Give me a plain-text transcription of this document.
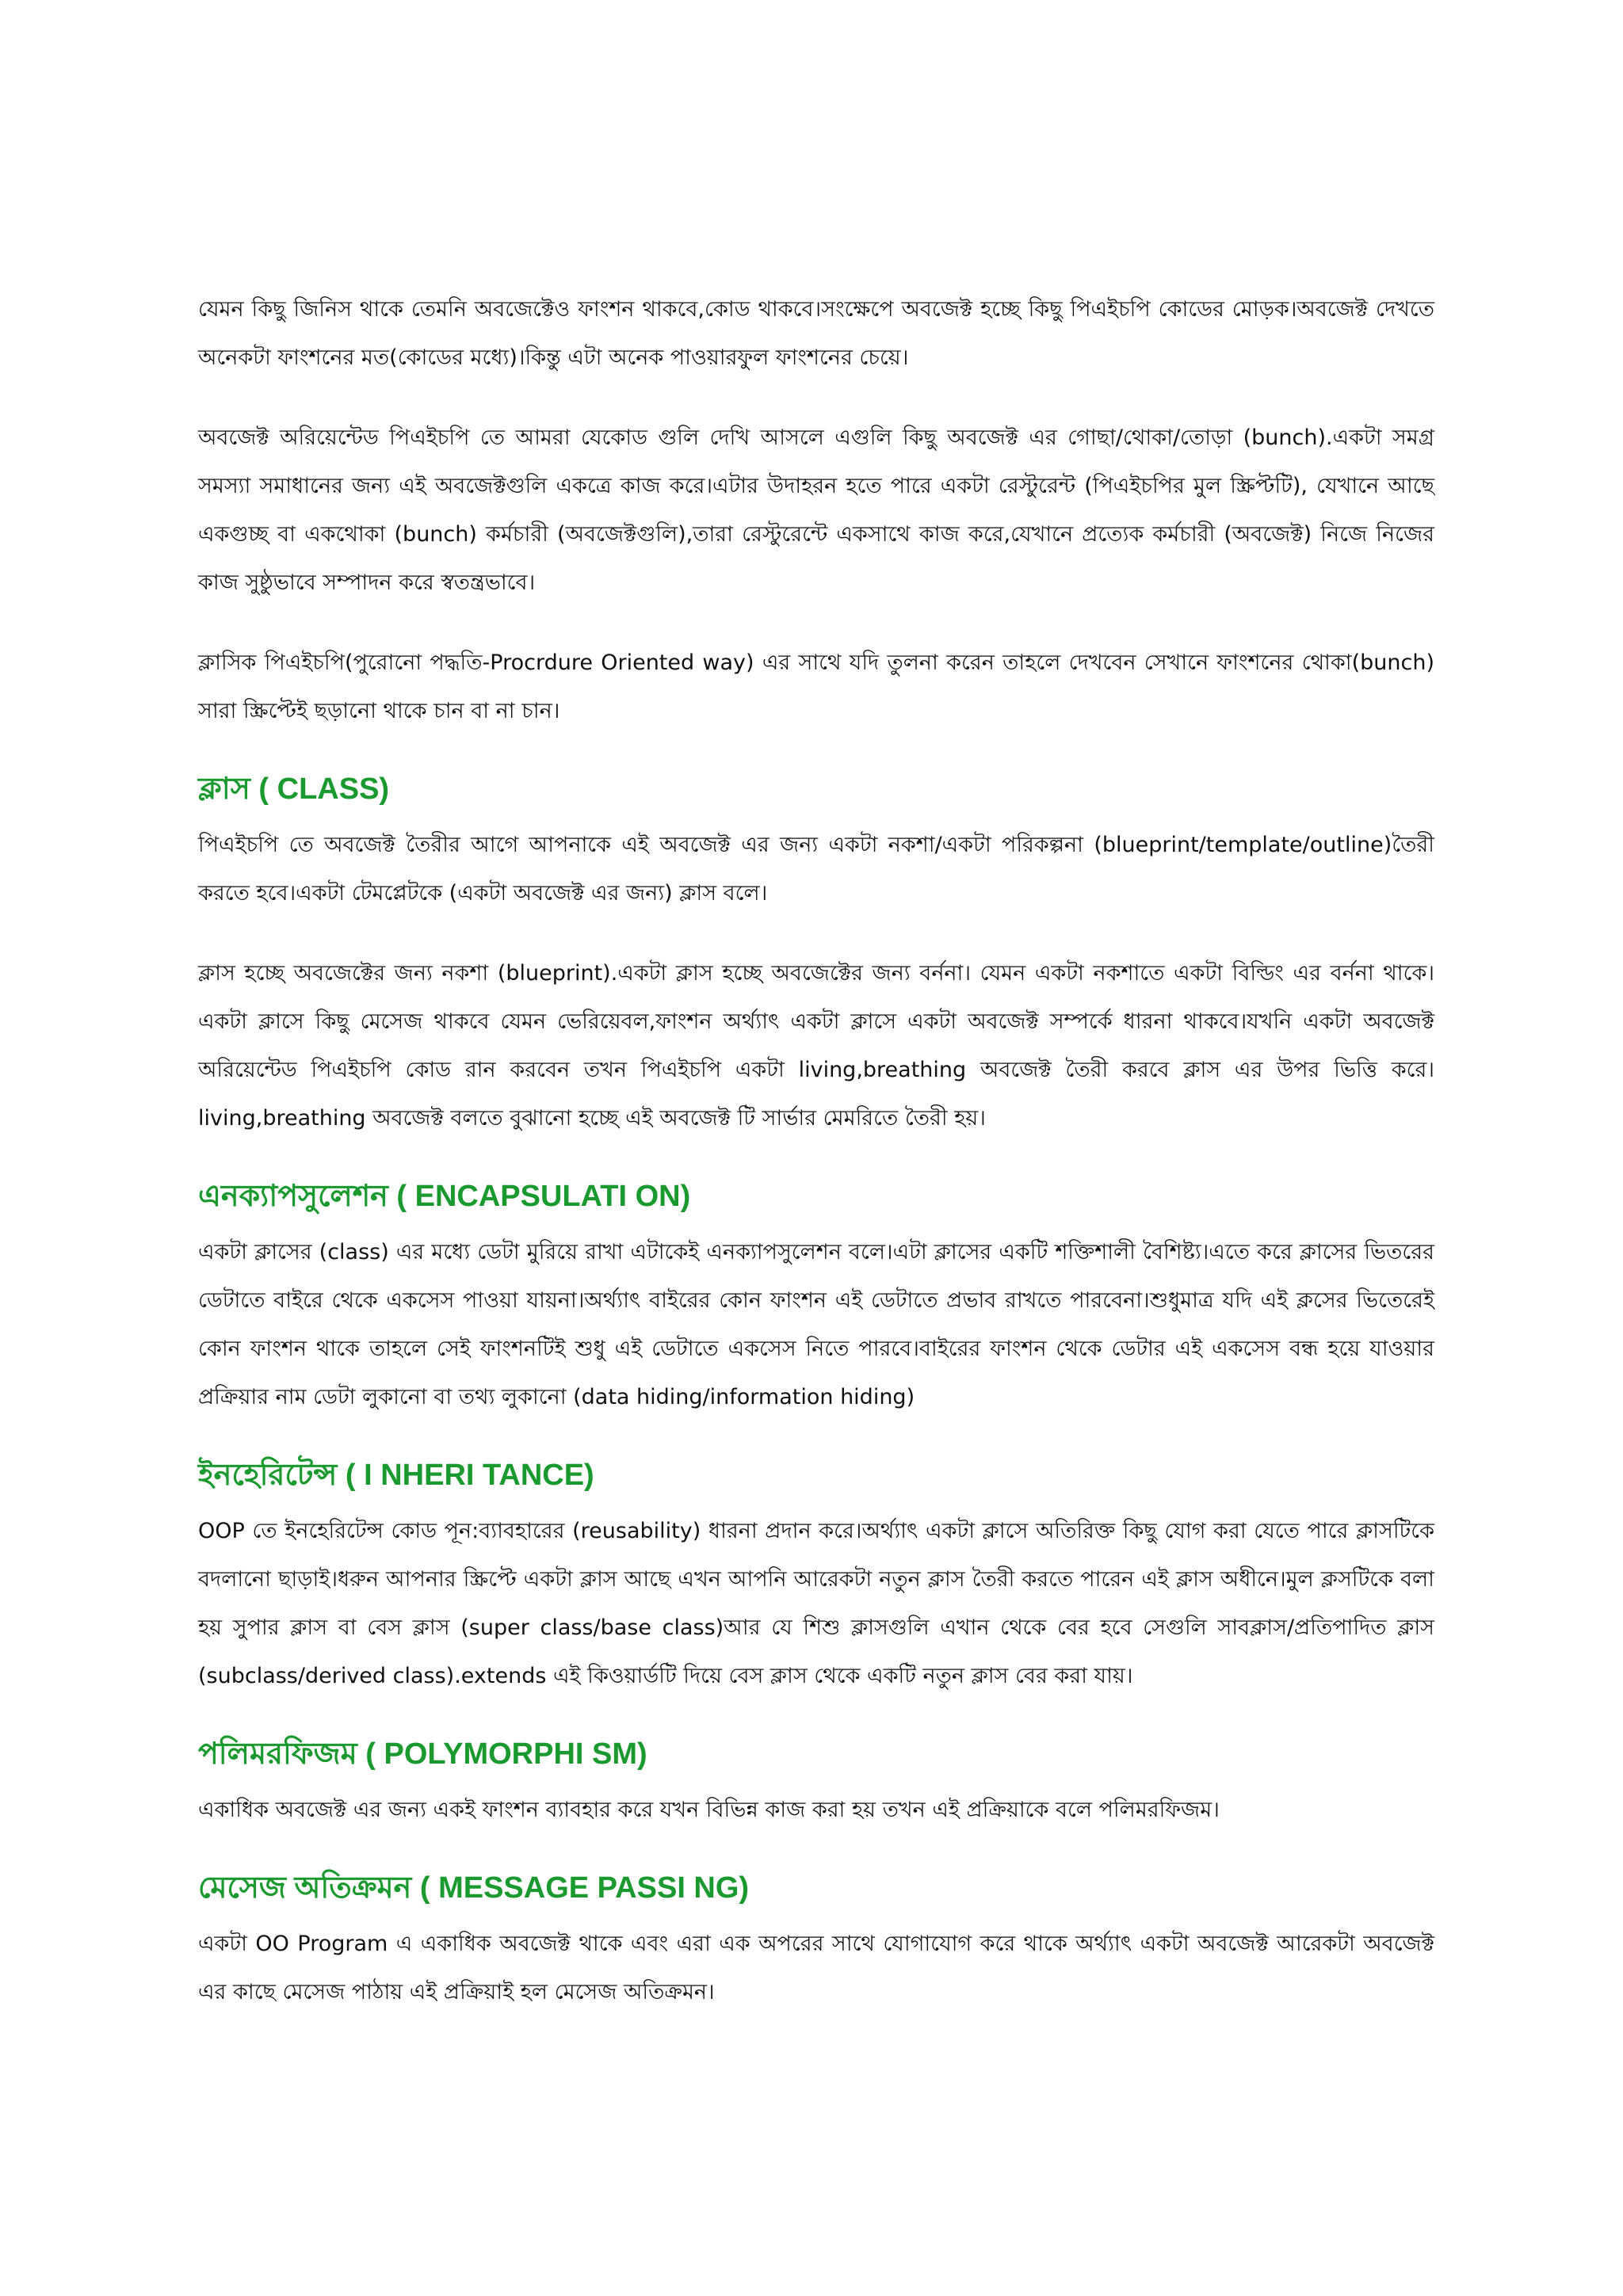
যেমন কিছু জিনিস থাকে তেমনি অবজেক্টেও ফাংশন থাকবে,কোড থাকবে।সংক্ষেপে অবজেক্ট হচ্ছে কিছু পিএইচপি কোডের মোড়ক।অবজেক্ট দেখতে অনেকটা ফাংশনের মত(কোডের মধ্যে)।কিন্তু এটা অনেক পাওয়ারফুল ফাংশনের চেয়ে।

অবজেক্ট অরিয়েন্টেড পিএইচপি তে আমরা যেকোড গুলি দেখি আসলে এগুলি কিছু অবজেক্ট এর গোছা/থোকা/তোড়া (bunch).একটা সমগ্র সমস্যা সমাধানের জন্য এই অবজেক্টগুলি একত্রে কাজ করে।এটার উদাহরন হতে পারে একটা রেস্টুরেন্ট (পিএইচপির মুল স্ক্রিপ্টটি), যেখানে আছে একগুচ্ছ বা একথোকা (bunch) কর্মচারী (অবজেক্টগুলি),তারা রেস্টুরেন্টে একসাথে কাজ করে,যেখানে প্রত্যেক কর্মচারী (অবজেক্ট) নিজে নিজের কাজ সুষ্ঠুভাবে সম্পাদন করে স্বতন্ত্রভাবে।

ক্লাসিক পিএইচপি(পুরোনো পদ্ধতি-Procrdure Oriented way) এর সাথে যদি তুলনা করেন তাহলে দেখবেন সেখানে ফাংশনের থোকা(bunch) সারা স্ক্রিপ্টেই ছড়ানো থাকে চান বা না চান।

ক্লাস ( CLASS)

পিএইচপি তে অবজেক্ট তৈরীর আগে আপনাকে এই অবজেক্ট এর জন্য একটা নকশা/একটা পরিকল্পনা (blueprint/template/outline)তৈরী করতে হবে।একটা টেমপ্লেটকে (একটা অবজেক্ট এর জন্য) ক্লাস বলে।

ক্লাস হচ্ছে অবজেক্টের জন্য নকশা (blueprint).একটা ক্লাস হচ্ছে অবজেক্টের জন্য বর্ননা। যেমন একটা নকশাতে একটা বিল্ডিং এর বর্ননা থাকে।একটা ক্লাসে কিছু মেসেজ থাকবে যেমন ভেরিয়েবল,ফাংশন অর্থ্যাৎ একটা ক্লাসে একটা অবজেক্ট সম্পর্কে ধারনা থাকবে।যখনি একটা অবজেক্ট অরিয়েন্টেড পিএইচপি কোড রান করবেন তখন পিএইচপি একটা living,breathing অবজেক্ট তৈরী করবে ক্লাস এর উপর ভিত্তি করে।living,breathing অবজেক্ট বলতে বুঝানো হচ্ছে এই অবজেক্ট টি সার্ভার মেমরিতে তৈরী হয়।

এনক্যাপসুলেশন ( ENCAPSULATI ON)

একটা ক্লাসের (class) এর মধ্যে ডেটা মুরিয়ে রাখা এটাকেই এনক্যাপসুলেশন বলে।এটা ক্লাসের একটি শক্তিশালী বৈশিষ্ট্য।এতে করে ক্লাসের ভিতরের ডেটাতে বাইরে থেকে একসেস পাওয়া যায়না।অর্থ্যাৎ বাইরের কোন ফাংশন এই ডেটাতে প্রভাব রাখতে পারবেনা।শুধুমাত্র যদি এই ক্লসের ভিতেরেই কোন ফাংশন থাকে তাহলে সেই ফাংশনটিই শুধু এই ডেটাতে একসেস নিতে পারবে।বাইরের ফাংশন থেকে ডেটার এই একসেস বন্ধ হয়ে যাওয়ার প্রক্রিয়ার নাম ডেটা লুকানো বা তথ্য লুকানো (data hiding/information hiding)

ইনহেরিটেন্স ( I NHERI TANCE)

OOP তে ইনহেরিটেন্স কোড পূন:ব্যাবহারের (reusability) ধারনা প্রদান করে।অর্থ্যাৎ একটা ক্লাসে অতিরিক্ত কিছু যোগ করা যেতে পারে ক্লাসটিকে বদলানো ছাড়াই।ধরুন আপনার স্ক্রিপ্টে একটা ক্লাস আছে এখন আপনি আরেকটা নতুন ক্লাস তৈরী করতে পারেন এই ক্লাস অধীনে।মুল ক্লসটিকে বলা হয় সুপার ক্লাস বা বেস ক্লাস (super class/base class)আর যে শিশু ক্লাসগুলি এখান থেকে বের হবে সেগুলি সাবক্লাস/প্রতিপাদিত ক্লাস (subclass/derived class).extends এই কিওয়ার্ডটি দিয়ে বেস ক্লাস থেকে একটি নতুন ক্লাস বের করা যায়।

পলিমরফিজম ( POLYMORPHI SM)

একাধিক অবজেক্ট এর জন্য একই ফাংশন ব্যাবহার করে যখন বিভিন্ন কাজ করা হয় তখন এই প্রক্রিয়াকে বলে পলিমরফিজম।

মেসেজ অতিক্রমন ( MESSAGE PASSI NG)

একটা OO Program এ একাধিক অবজেক্ট থাকে এবং এরা এক অপরের সাথে যোগাযোগ করে থাকে অর্থ্যাৎ একটা অবজেক্ট আরেকটা অবজেক্ট এর কাছে মেসেজ পাঠায় এই প্রক্রিয়াই হল মেসেজ অতিক্রমন।
